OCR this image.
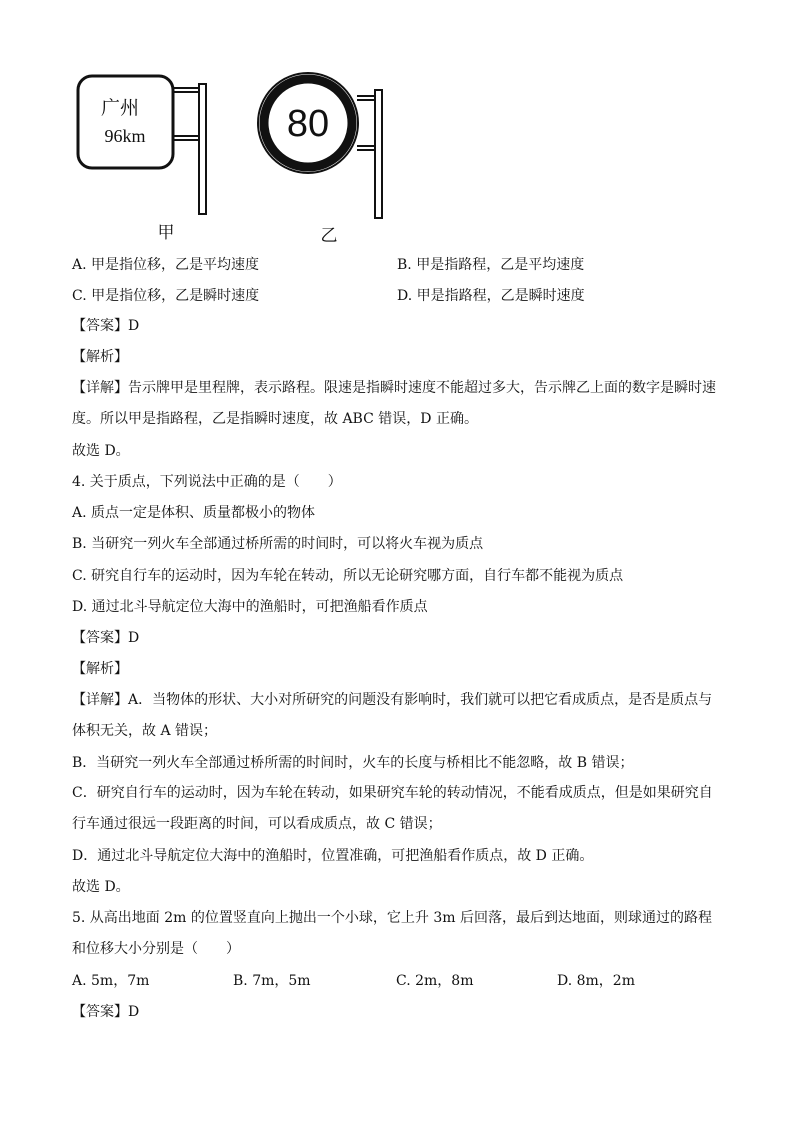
广州
96km	80
甲	乙
A. 甲是指位移，乙是平均速度	B. 甲是指路程，乙是平均速度
C. 甲是指位移，乙是瞬时速度	D. 甲是指路程，乙是瞬时速度
【答案】D
【解析】
【详解】告示牌甲是里程牌，表示路程。限速是指瞬时速度不能超过多大，告示牌乙上面的数字是瞬时速度。所以甲是指路程，乙是指瞬时速度，故 ABC 错误，D 正确。
故选 D。
4. 关于质点，下列说法中正确的是（　　）
A. 质点一定是体积、质量都极小的物体
B. 当研究一列火车全部通过桥所需的时间时，可以将火车视为质点
C. 研究自行车的运动时，因为车轮在转动，所以无论研究哪方面，自行车都不能视为质点
D. 通过北斗导航定位大海中的渔船时，可把渔船看作质点
【答案】D
【解析】
【详解】A．当物体的形状、大小对所研究的问题没有影响时，我们就可以把它看成质点，是否是质点与体积无关，故 A 错误；
B．当研究一列火车全部通过桥所需的时间时，火车的长度与桥相比不能忽略，故 B 错误；
C．研究自行车的运动时，因为车轮在转动，如果研究车轮的转动情况，不能看成质点，但是如果研究自行车通过很远一段距离的时间，可以看成质点，故 C 错误；
D．通过北斗导航定位大海中的渔船时，位置准确，可把渔船看作质点，故 D 正确。
故选 D。
5. 从高出地面 2m 的位置竖直向上抛出一个小球，它上升 3m 后回落，最后到达地面，则球通过的路程和位移大小分别是（　　）
A. 5m，7m	B. 7m，5m	C. 2m，8m	D. 8m，2m
【答案】D
